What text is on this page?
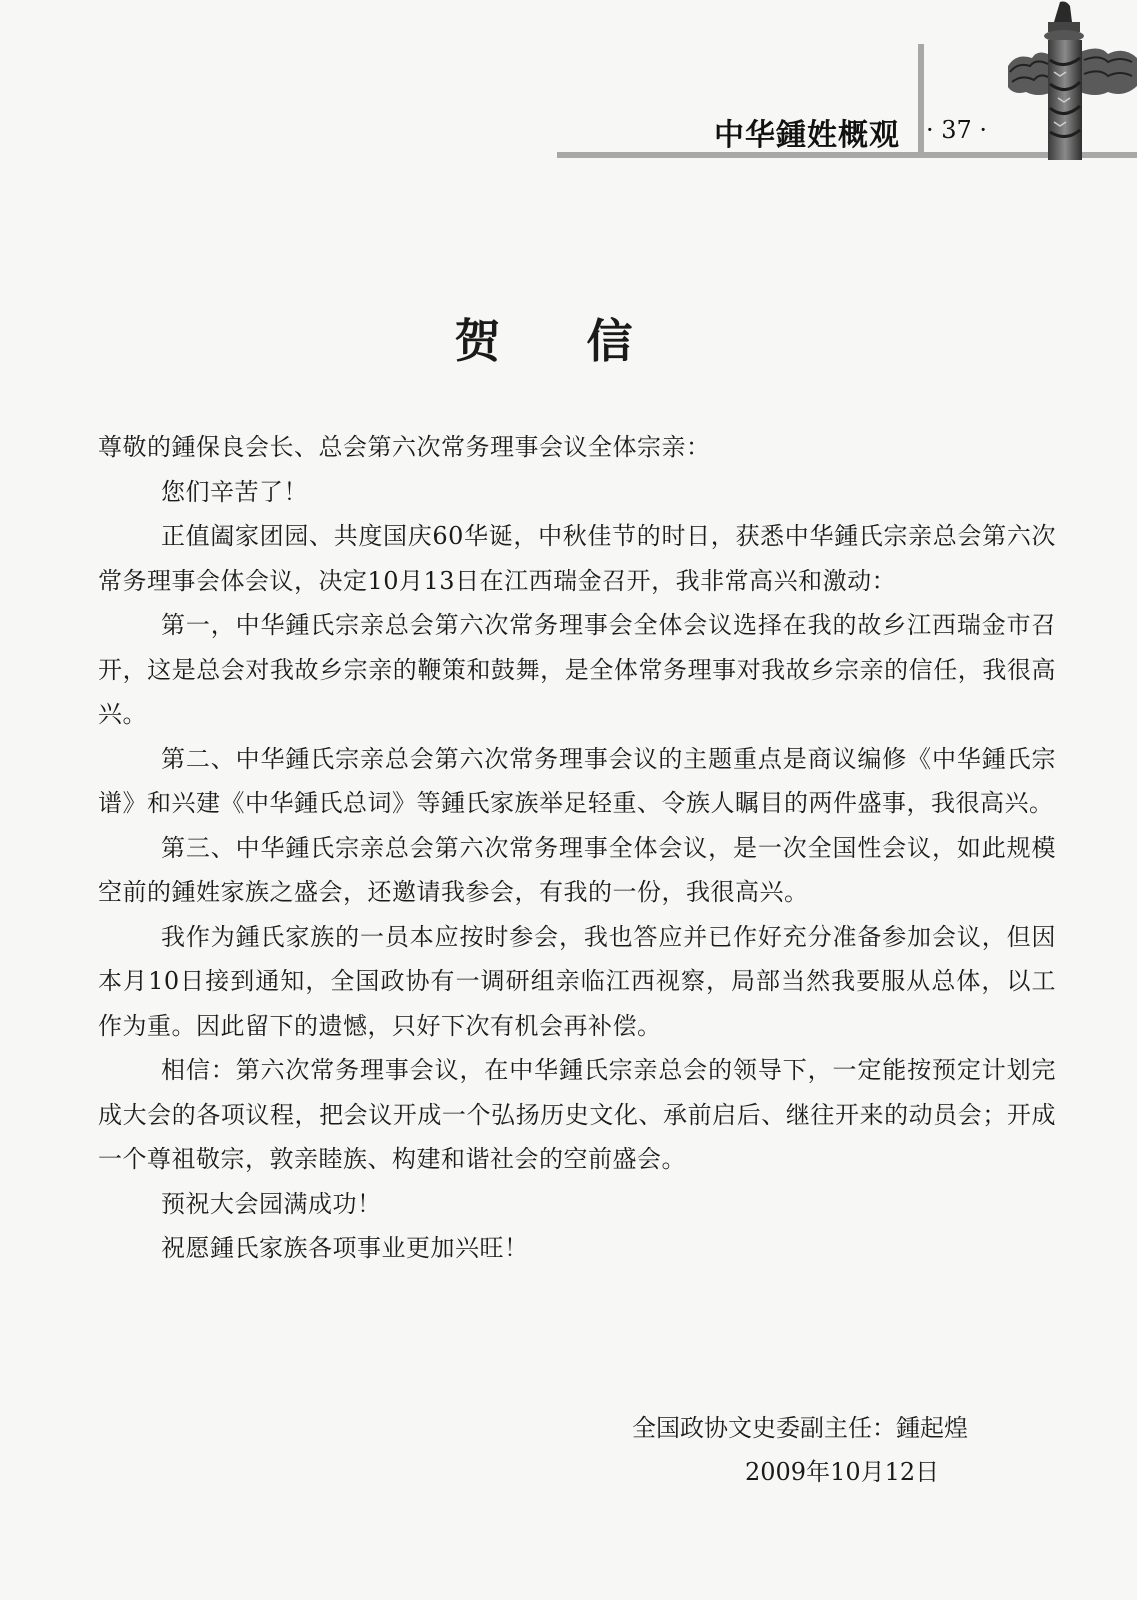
中华鍾姓概观 · 37 ·
贺信

尊敬的鍾保良会长、总会第六次常务理事会议全体宗亲：

您们辛苦了！

正值阖家团园、共度国庆60华诞，中秋佳节的时日，获悉中华鍾氏宗亲总会第六次常务理事会体会议，决定10月13日在江西瑞金召开，我非常高兴和激动：

第一，中华鍾氏宗亲总会第六次常务理事会全体会议选择在我的故乡江西瑞金市召开，这是总会对我故乡宗亲的鞭策和鼓舞，是全体常务理事对我故乡宗亲的信任，我很高兴。

第二、中华鍾氏宗亲总会第六次常务理事会议的主题重点是商议编修《中华鍾氏宗谱》和兴建《中华鍾氏总词》等鍾氏家族举足轻重、令族人瞩目的两件盛事，我很高兴。

第三、中华鍾氏宗亲总会第六次常务理事全体会议，是一次全国性会议，如此规模空前的鍾姓家族之盛会，还邀请我参会，有我的一份，我很高兴。

我作为鍾氏家族的一员本应按时参会，我也答应并已作好充分准备参加会议，但因本月10日接到通知，全国政协有一调研组亲临江西视察，局部当然我要服从总体，以工作为重。因此留下的遗憾，只好下次有机会再补偿。

相信：第六次常务理事会议，在中华鍾氏宗亲总会的领导下，一定能按预定计划完成大会的各项议程，把会议开成一个弘扬历史文化、承前启后、继往开来的动员会；开成一个尊祖敬宗，敦亲睦族、构建和谐社会的空前盛会。

预祝大会园满成功！

祝愿鍾氏家族各项事业更加兴旺！

全国政协文史委副主任：鍾起煌
2009年10月12日
